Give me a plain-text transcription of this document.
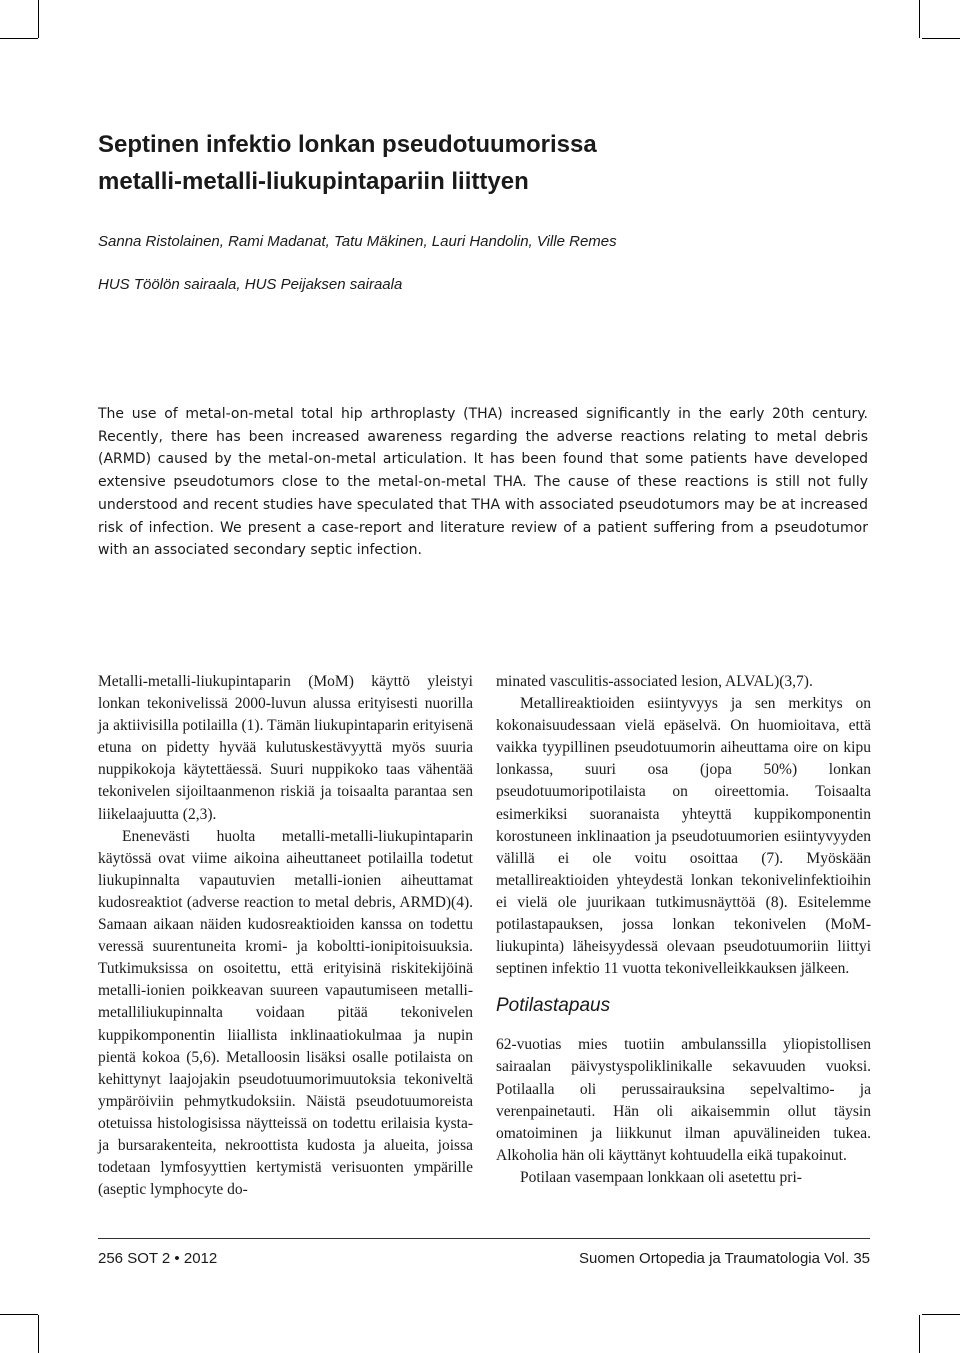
Septinen infektio lonkan pseudotuumorissa
metalli-metalli-liukupintapariin liittyen
Sanna Ristolainen, Rami Madanat, Tatu Mäkinen, Lauri Handolin, Ville Remes
HUS Töölön sairaala, HUS Peijaksen sairaala

The use of metal-on-metal total hip arthroplasty (THA) increased significantly in the early 20th century. Recently, there has been increased awareness regarding the adverse reactions relating to metal debris (ARMD) caused by the metal-on-metal articulation. It has been found that some patients have developed extensive pseudotumors close to the metal-on-metal THA. The cause of these reactions is still not fully understood and recent studies have speculated that THA with associated pseudotumors may be at increased risk of infection. We present a case-report and literature review of a patient suffering from a pseudotumor with an associated secondary septic infection.

Metalli-metalli-liukupintaparin (MoM) käyttö yleistyi lonkan tekonivelissä 2000-luvun alussa erityisesti nuorilla ja aktiivisilla potilailla (1). Tämän liukupintaparin erityisenä etuna on pidetty hyvää kulutuskestävyyttä myös suuria nuppikokoja käytettäessä. Suuri nuppikoko taas vähentää tekonivelen sijoiltaanmenon riskiä ja toisaalta parantaa sen liikelaajuutta (2,3).

Enenevästi huolta metalli-metalli-liukupintaparin käytössä ovat viime aikoina aiheuttaneet potilailla todetut liukupinnalta vapautuvien metalli-ionien aiheuttamat kudosreaktiot (adverse reaction to metal debris, ARMD)(4). Samaan aikaan näiden kudosreaktioiden kanssa on todettu veressä suurentuneita kromi- ja koboltti-ionipitoisuuksia. Tutkimuksissa on osoitettu, että erityisinä riskitekijöinä metalli-ionien poikkeavan suureen vapautumiseen metalli-metalliliukupinnalta voidaan pitää tekonivelen kuppikomponentin liiallista inklinaatiokulmaa ja nupin pientä kokoa (5,6). Metalloosin lisäksi osalle potilaista on kehittynyt laajojakin pseudotuumorimuutoksia tekoniveltä ympäröiviin pehmytkudoksiin. Näistä pseudotuumoreista otetuissa histologisissa näytteissä on todettu erilaisia kysta- ja bursarakenteita, nekroottista kudosta ja alueita, joissa todetaan lymfosyyttien kertymistä verisuonten ympärille (aseptic lymphocyte do-

minated vasculitis-associated lesion, ALVAL)(3,7).

Metallireaktioiden esiintyvyys ja sen merkitys on kokonaisuudessaan vielä epäselvä. On huomioitava, että vaikka tyypillinen pseudotuumorin aiheuttama oire on kipu lonkassa, suuri osa (jopa 50%) lonkan pseudotuumoripotilaista on oireettomia. Toisaalta esimerkiksi suoranaista yhteyttä kuppikomponentin korostuneen inklinaation ja pseudotuumorien esiintyvyyden välillä ei ole voitu osoittaa (7). Myöskään metallireaktioiden yhteydestä lonkan tekonivelinfektioihin ei vielä ole juurikaan tutkimusnäyttöä (8). Esitelemme potilastapauksen, jossa lonkan tekonivelen (MoM-liukupinta) läheisyydessä olevaan pseudotuumoriin liittyi septinen infektio 11 vuotta tekonivelleikkauksen jälkeen.

Potilastapaus

62-vuotias mies tuotiin ambulanssilla yliopistollisen sairaalan päivystyspoliklinikalle sekavuuden vuoksi. Potilaalla oli perussairauksina sepelvaltimo- ja verenpainetauti. Hän oli aikaisemmin ollut täysin omatoiminen ja liikkunut ilman apuvälineiden tukea. Alkoholia hän oli käyttänyt kohtuudella eikä tupakoinut.

Potilaan vasempaan lonkkaan oli asetettu pri-

256 SOT 2 • 2012	Suomen Ortopedia ja Traumatologia Vol. 35
